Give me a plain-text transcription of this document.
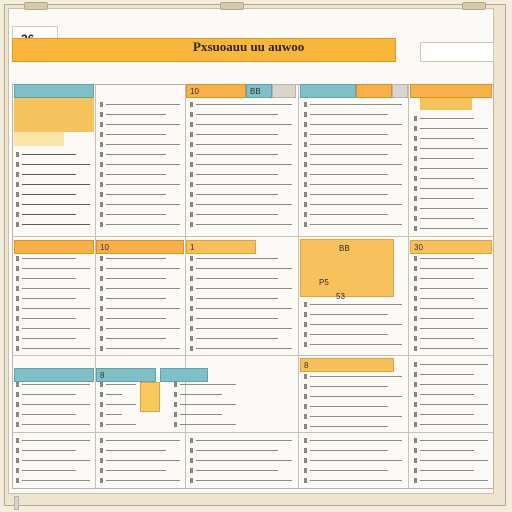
Pxsuoauu uu auwoo
10	BB
10	1	30
BB
P5
53
8
8
